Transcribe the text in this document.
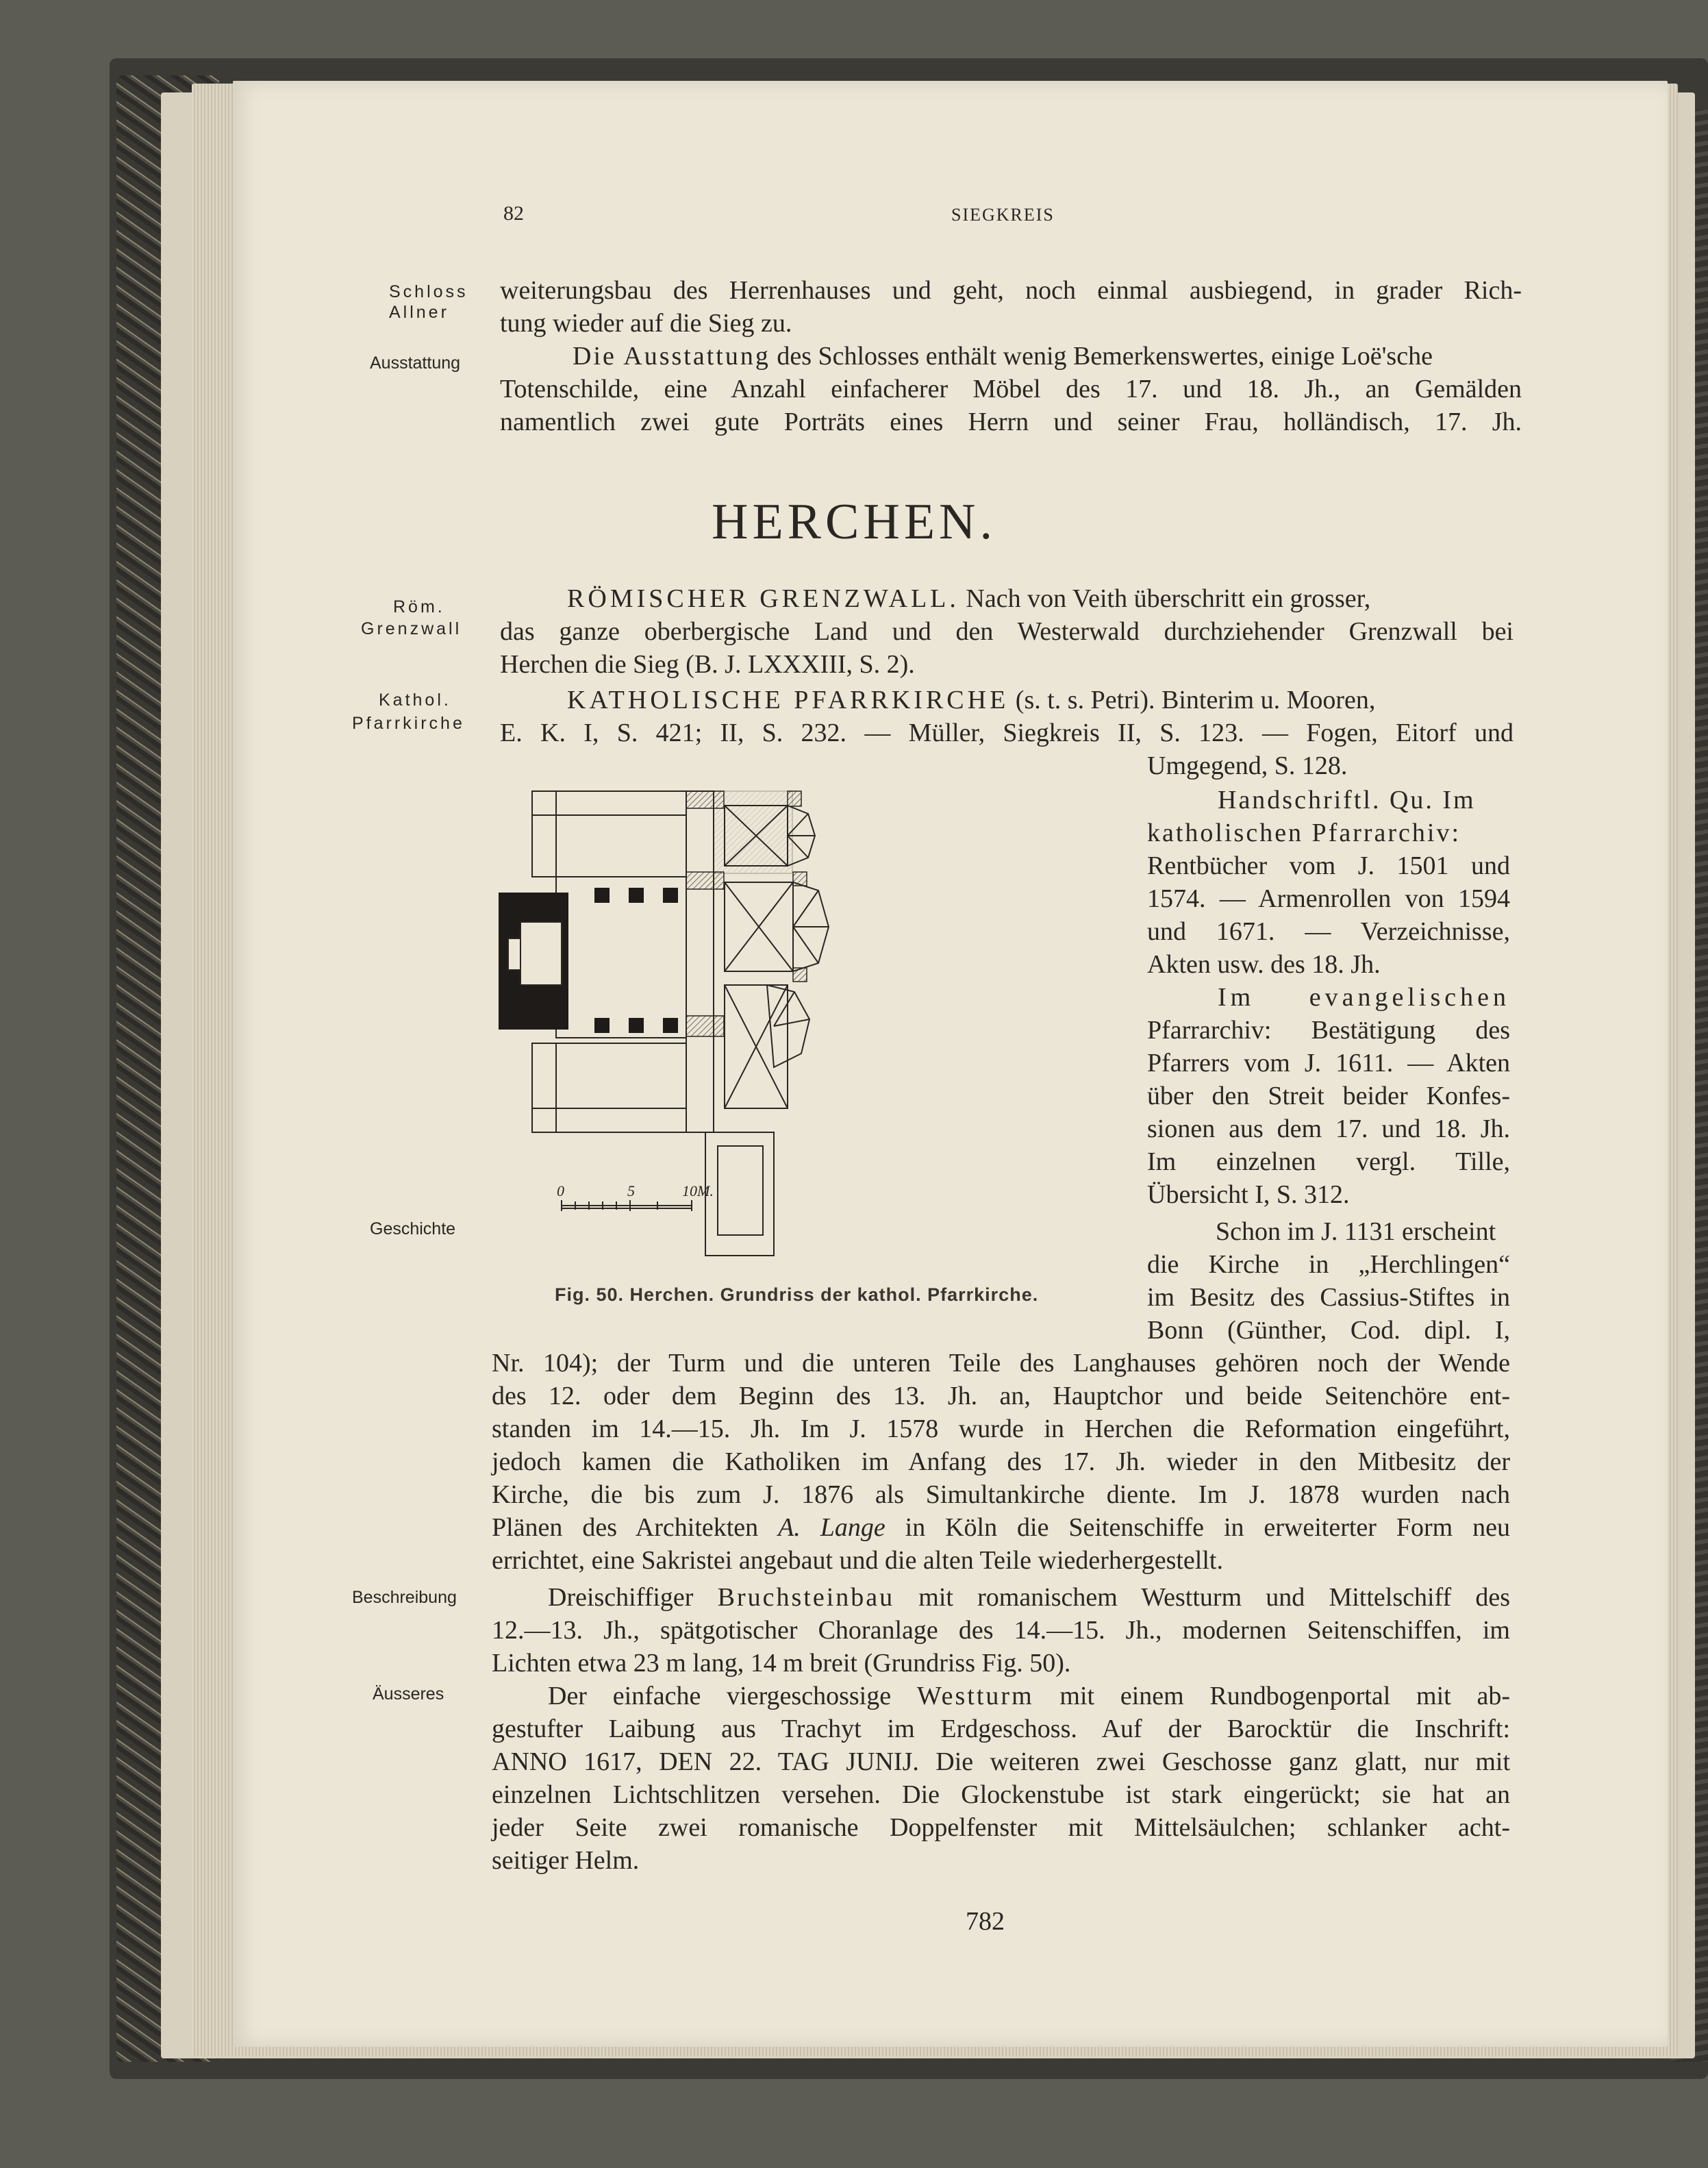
82	SIEGKREIS
Schloss
Allner
Ausstattung
Röm.
Grenzwall
Kathol.
Pfarrkirche
Geschichte
Beschreibung
Äusseres
weiterungsbau des Herrenhauses und geht, noch einmal ausbiegend, in grader Rich-
tung wieder auf die Sieg zu.
Die Ausstattung des Schlosses enthält wenig Bemerkenswertes, einige Loë'sche
Totenschilde, eine Anzahl einfacherer Möbel des 17. und 18. Jh., an Gemälden
namentlich zwei gute Porträts eines Herrn und seiner Frau, holländisch, 17. Jh.
HERCHEN.
RÖMISCHER GRENZWALL. Nach von Veith überschritt ein grosser,
das ganze oberbergische Land und den Westerwald durchziehender Grenzwall bei
Herchen die Sieg (B. J. LXXXIII, S. 2).
KATHOLISCHE PFARRKIRCHE (s. t. s. Petri). Binterim u. Mooren,
E. K. I, S. 421; II, S. 232. — Müller, Siegkreis II, S. 123. — Fogen, Eitorf und
Umgegend, S. 128.
Handschriftl. Qu. Im
katholischen Pfarrarchiv:
Rentbücher vom J. 1501 und
1574. — Armenrollen von 1594
und 1671. — Verzeichnisse,
Akten usw. des 18. Jh.
Im evangelischen
Pfarrarchiv: Bestätigung des
Pfarrers vom J. 1611. — Akten
über den Streit beider Konfes-
sionen aus dem 17. und 18. Jh.
Im einzelnen vergl. Tille,
Übersicht I, S. 312.
Schon im J. 1131 erscheint
die Kirche in „Herchlingen“
im Besitz des Cassius-Stiftes in
Bonn (Günther, Cod. dipl. I,
Nr. 104); der Turm und die unteren Teile des Langhauses gehören noch der Wende
des 12. oder dem Beginn des 13. Jh. an, Hauptchor und beide Seitenchöre ent-
standen im 14.—15. Jh. Im J. 1578 wurde in Herchen die Reformation eingeführt,
jedoch kamen die Katholiken im Anfang des 17. Jh. wieder in den Mitbesitz der
Kirche, die bis zum J. 1876 als Simultankirche diente. Im J. 1878 wurden nach
Plänen des Architekten A. Lange in Köln die Seitenschiffe in erweiterter Form neu
errichtet, eine Sakristei angebaut und die alten Teile wiederhergestellt.
Dreischiffiger Bruchsteinbau mit romanischem Westturm und Mittelschiff des
12.—13. Jh., spätgotischer Choranlage des 14.—15. Jh., modernen Seitenschiffen, im
Lichten etwa 23 m lang, 14 m breit (Grundriss Fig. 50).
Der einfache viergeschossige Westturm mit einem Rundbogenportal mit ab-
gestufter Laibung aus Trachyt im Erdgeschoss. Auf der Barocktür die Inschrift:
ANNO 1617, DEN 22. TAG JUNIJ. Die weiteren zwei Geschosse ganz glatt, nur mit
einzelnen Lichtschlitzen versehen. Die Glockenstube ist stark eingerückt; sie hat an
jeder Seite zwei romanische Doppelfenster mit Mittelsäulchen; schlanker acht-
seitiger Helm.
0	5	10M.
Fig. 50. Herchen. Grundriss der kathol. Pfarrkirche.
782
